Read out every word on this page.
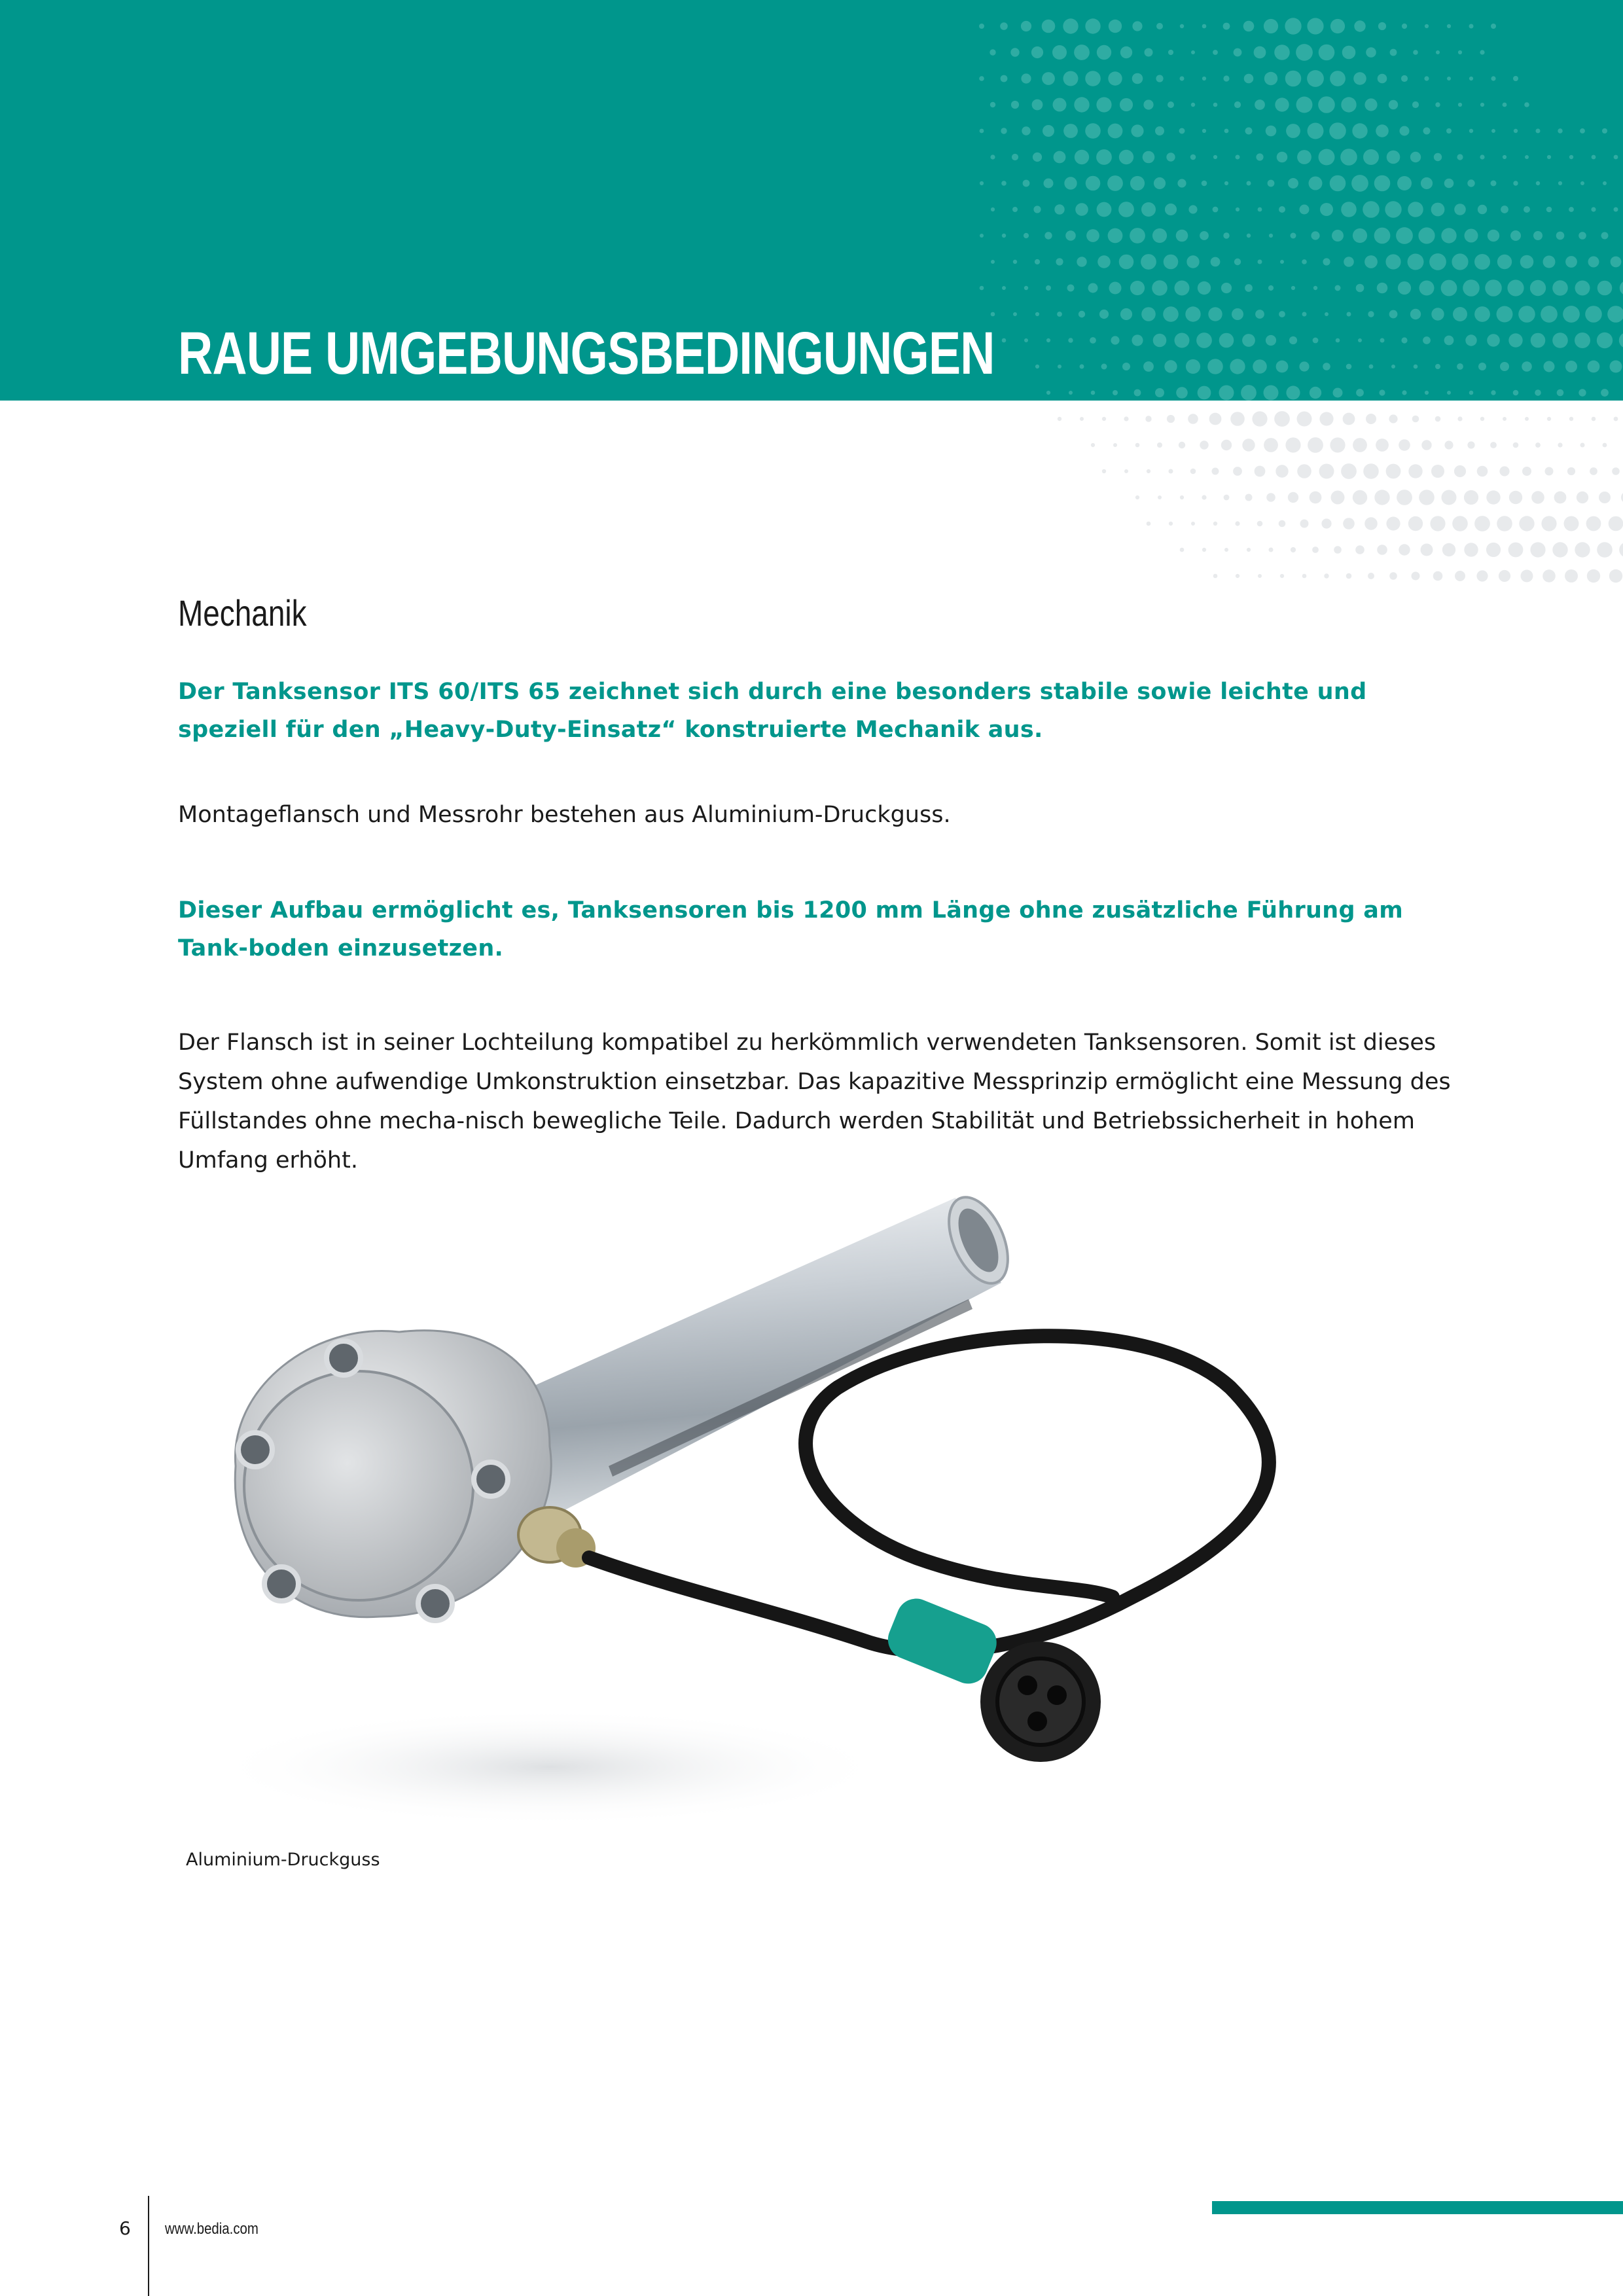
RAUE UMGEBUNGSBEDINGUNGEN
Mechanik

Der Tanksensor ITS 60/ITS 65 zeichnet sich durch eine besonders stabile sowie leichte und speziell für den „Heavy-Duty-Einsatz“ konstruierte Mechanik aus.

Montageflansch und Messrohr bestehen aus Aluminium-Druckguss.

Dieser Aufbau ermöglicht es, Tanksensoren bis 1200 mm Länge ohne zusätzliche Führung am Tank-boden einzusetzen.

Der Flansch ist in seiner Lochteilung kompatibel zu herkömmlich verwendeten Tanksensoren. Somit ist dieses System ohne aufwendige Umkonstruktion einsetzbar. Das kapazitive Messprinzip ermöglicht eine Messung des Füllstandes ohne mecha-nisch bewegliche Teile. Dadurch werden Stabilität und Betriebssicherheit in hohem Umfang erhöht.

Aluminium-Druckguss
6 www.bedia.com
